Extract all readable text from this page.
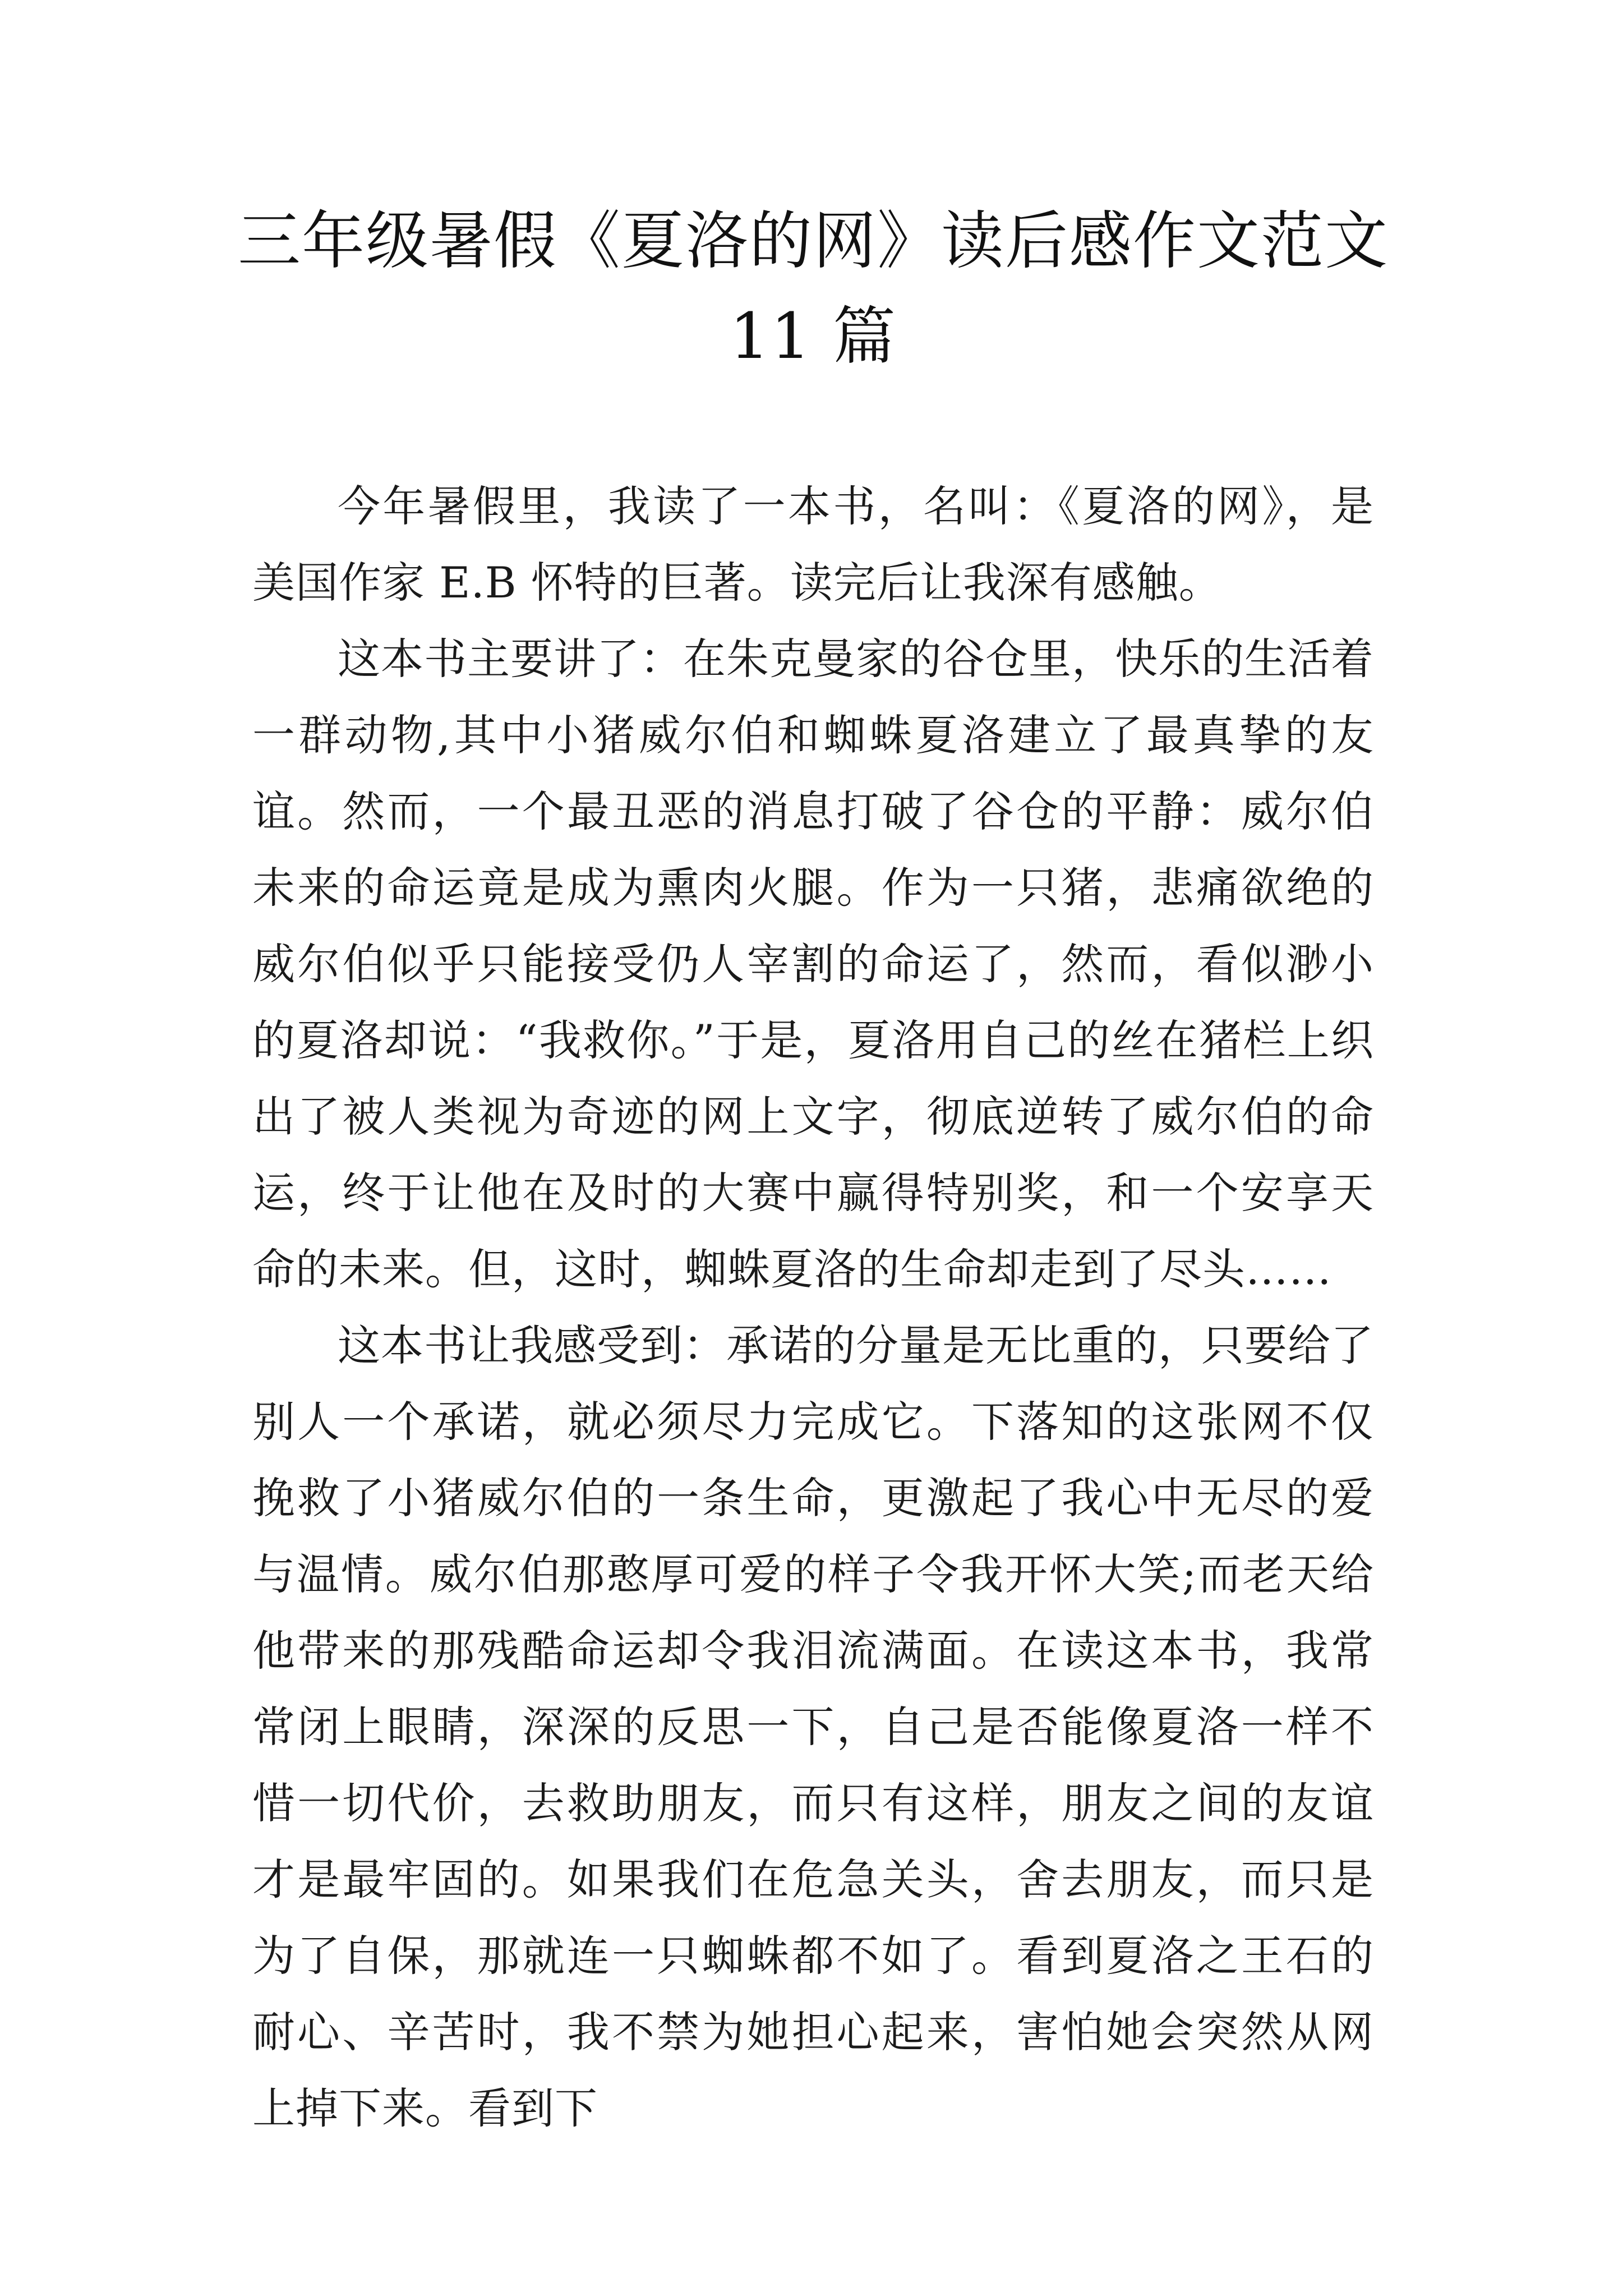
三年级暑假《夏洛的网》读后感作文范文 11 篇

今年暑假里，我读了一本书，名叫：《夏洛的网》，是美国作家 E.B 怀特的巨著。读完后让我深有感触。

这本书主要讲了：在朱克曼家的谷仓里，快乐的生活着一群动物,其中小猪威尔伯和蜘蛛夏洛建立了最真挚的友谊。然而，一个最丑恶的消息打破了谷仓的平静：威尔伯未来的命运竟是成为熏肉火腿。作为一只猪，悲痛欲绝的威尔伯似乎只能接受仍人宰割的命运了，然而，看似渺小的夏洛却说：“我救你。”于是，夏洛用自己的丝在猪栏上织出了被人类视为奇迹的网上文字，彻底逆转了威尔伯的命运，终于让他在及时的大赛中赢得特别奖，和一个安享天命的未来。但，这时，蜘蛛夏洛的生命却走到了尽头……

这本书让我感受到：承诺的分量是无比重的，只要给了别人一个承诺，就必须尽力完成它。下落知的这张网不仅挽救了小猪威尔伯的一条生命，更激起了我心中无尽的爱与温情。威尔伯那憨厚可爱的样子令我开怀大笑;而老天给他带来的那残酷命运却令我泪流满面。在读这本书，我常常闭上眼睛，深深的反思一下，自己是否能像夏洛一样不惜一切代价，去救助朋友，而只有这样，朋友之间的友谊才是最牢固的。如果我们在危急关头，舍去朋友，而只是为了自保，那就连一只蜘蛛都不如了。看到夏洛之王石的耐心、辛苦时，我不禁为她担心起来，害怕她会突然从网上掉下来。看到下
